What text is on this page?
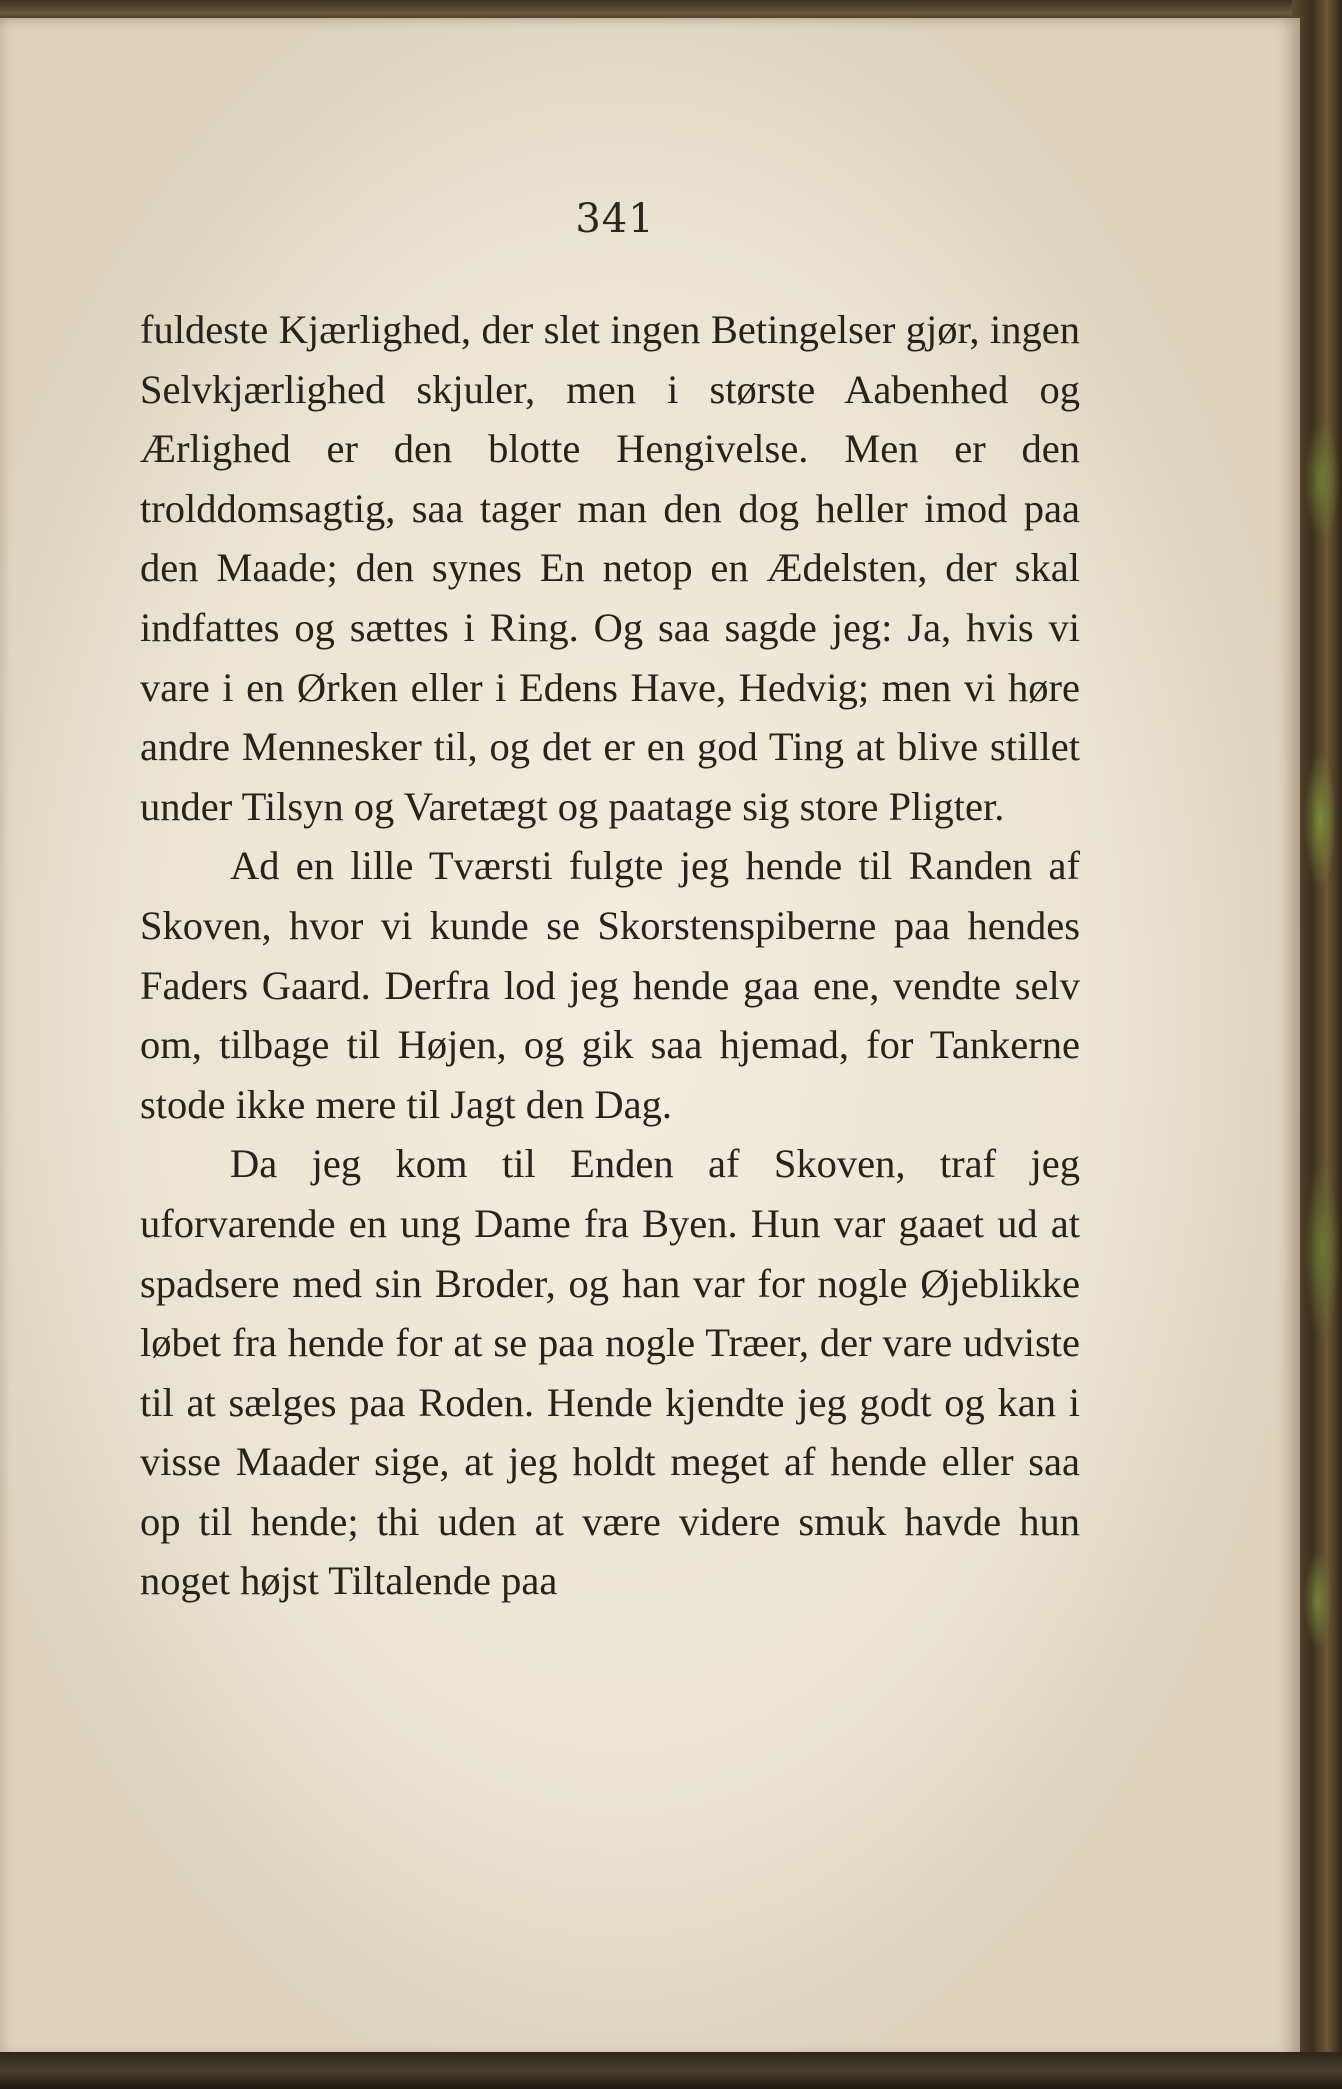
341

fuldeste Kjærlighed, der slet ingen Betingelser gjør, ingen Selvkjærlighed skjuler, men i største Aabenhed og Ærlighed er den blotte Hengivelse. Men er den trolddomsagtig, saa tager man den dog heller imod paa den Maade; den synes En netop en Ædelsten, der skal indfattes og sættes i Ring. Og saa sagde jeg: Ja, hvis vi vare i en Ørken eller i Edens Have, Hedvig; men vi høre andre Mennesker til, og det er en god Ting at blive stillet under Tilsyn og Varetægt og paatage sig store Pligter.

Ad en lille Tværsti fulgte jeg hende til Randen af Skoven, hvor vi kunde se Skorstenspiberne paa hendes Faders Gaard. Derfra lod jeg hende gaa ene, vendte selv om, tilbage til Højen, og gik saa hjemad, for Tankerne stode ikke mere til Jagt den Dag.

Da jeg kom til Enden af Skoven, traf jeg uforvarende en ung Dame fra Byen. Hun var gaaet ud at spadsere med sin Broder, og han var for nogle Øjeblikke løbet fra hende for at se paa nogle Træer, der vare udviste til at sælges paa Roden. Hende kjendte jeg godt og kan i visse Maader sige, at jeg holdt meget af hende eller saa op til hende; thi uden at være videre smuk havde hun noget højst Tiltalende paa
